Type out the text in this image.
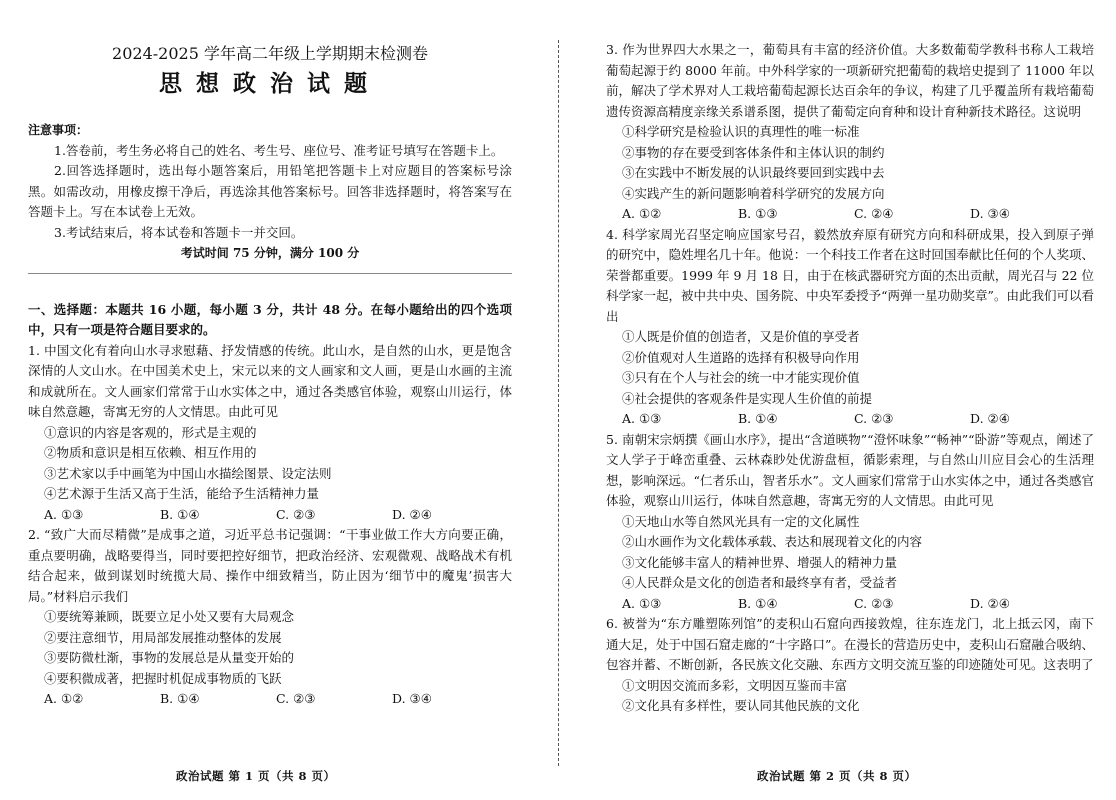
2024-2025 学年高二年级上学期期末检测卷
思想政治试题

注意事项：

1.答卷前，考生务必将自己的姓名、考生号、座位号、准考证号填写在答题卡上。

2.回答选择题时，选出每小题答案后，用铅笔把答题卡上对应题目的答案标号涂黑。如需改动，用橡皮擦干净后，再选涂其他答案标号。回答非选择题时，将答案写在答题卡上。写在本试卷上无效。

3.考试结束后，将本试卷和答题卡一并交回。

考试时间 75 分钟，满分 100 分

一、选择题：本题共 16 小题，每小题 3 分，共计 48 分。在每小题给出的四个选项中，只有一项是符合题目要求的。

1. 中国文化有着向山水寻求慰藉、抒发情感的传统。此山水，是自然的山水，更是饱含深情的人文山水。在中国美术史上，宋元以来的文人画家和文人画，更是山水画的主流和成就所在。文人画家们常常于山水实体之中，通过各类感官体验，观察山川运行，体味自然意趣，寄寓无穷的人文情思。由此可见

①意识的内容是客观的，形式是主观的

②物质和意识是相互依赖、相互作用的

③艺术家以手中画笔为中国山水描绘图景、设定法则

④艺术源于生活又高于生活，能给予生活精神力量

A. ①③	B. ①④	C. ②③	D. ②④

2. “致广大而尽精微”是成事之道，习近平总书记强调：“干事业做工作大方向要正确，重点要明确，战略要得当，同时要把控好细节，把政治经济、宏观微观、战略战术有机结合起来，做到谋划时统揽大局、操作中细致精当，防止因为‘细节中的魔鬼’损害大局。”材料启示我们

①要统筹兼顾，既要立足小处又要有大局观念

②要注意细节，用局部发展推动整体的发展

③要防微杜渐，事物的发展总是从量变开始的

④要积微成著，把握时机促成事物质的飞跃

A. ①②	B. ①④	C. ②③	D. ③④

3. 作为世界四大水果之一，葡萄具有丰富的经济价值。大多数葡萄学教科书称人工栽培葡萄起源于约 8000 年前。中外科学家的一项新研究把葡萄的栽培史提到了 11000 年以前，解决了学术界对人工栽培葡萄起源长达百余年的争议，构建了几乎覆盖所有栽培葡萄遗传资源高精度亲缘关系谱系图，提供了葡萄定向育种和设计育种新技术路径。这说明

①科学研究是检验认识的真理性的唯一标准

②事物的存在要受到客体条件和主体认识的制约

③在实践中不断发展的认识最终要回到实践中去

④实践产生的新问题影响着科学研究的发展方向

A. ①②	B. ①③	C. ②④	D. ③④

4. 科学家周光召坚定响应国家号召，毅然放弃原有研究方向和科研成果，投入到原子弹的研究中，隐姓埋名几十年。他说：一个科技工作者在这时回国奉献比任何的个人奖项、荣誉都重要。1999 年 9 月 18 日，由于在核武器研究方面的杰出贡献，周光召与 22 位科学家一起，被中共中央、国务院、中央军委授予“两弹一星功勋奖章”。由此我们可以看出

①人既是价值的创造者，又是价值的享受者

②价值观对人生道路的选择有积极导向作用

③只有在个人与社会的统一中才能实现价值

④社会提供的客观条件是实现人生价值的前提

A. ①③	B. ①④	C. ②③	D. ②④

5. 南朝宋宗炳撰《画山水序》，提出“含道暎物”“澄怀味象”“畅神”“卧游”等观点，阐述了文人学子于峰峦重叠、云林森眇处优游盘桓，循影索理，与自然山川应目会心的生活理想，影响深远。“仁者乐山，智者乐水”。文人画家们常常于山水实体之中，通过各类感官体验，观察山川运行，体味自然意趣，寄寓无穷的人文情思。由此可见

①天地山水等自然风光具有一定的文化属性

②山水画作为文化载体承载、表达和展现着文化的内容

③文化能够丰富人的精神世界、增强人的精神力量

④人民群众是文化的创造者和最终享有者，受益者

A. ①③	B. ①④	C. ②③	D. ②④

6. 被誉为“东方雕塑陈列馆”的麦积山石窟向西接敦煌，往东连龙门，北上抵云冈，南下通大足，处于中国石窟走廊的“十字路口”。在漫长的营造历史中，麦积山石窟融合吸纳、包容并蓄、不断创新，各民族文化交融、东西方文明交流互鉴的印迹随处可见。这表明了

①文明因交流而多彩，文明因互鉴而丰富

②文化具有多样性，要认同其他民族的文化

政治试题 第 1 页（共 8 页）	政治试题 第 2 页（共 8 页）
